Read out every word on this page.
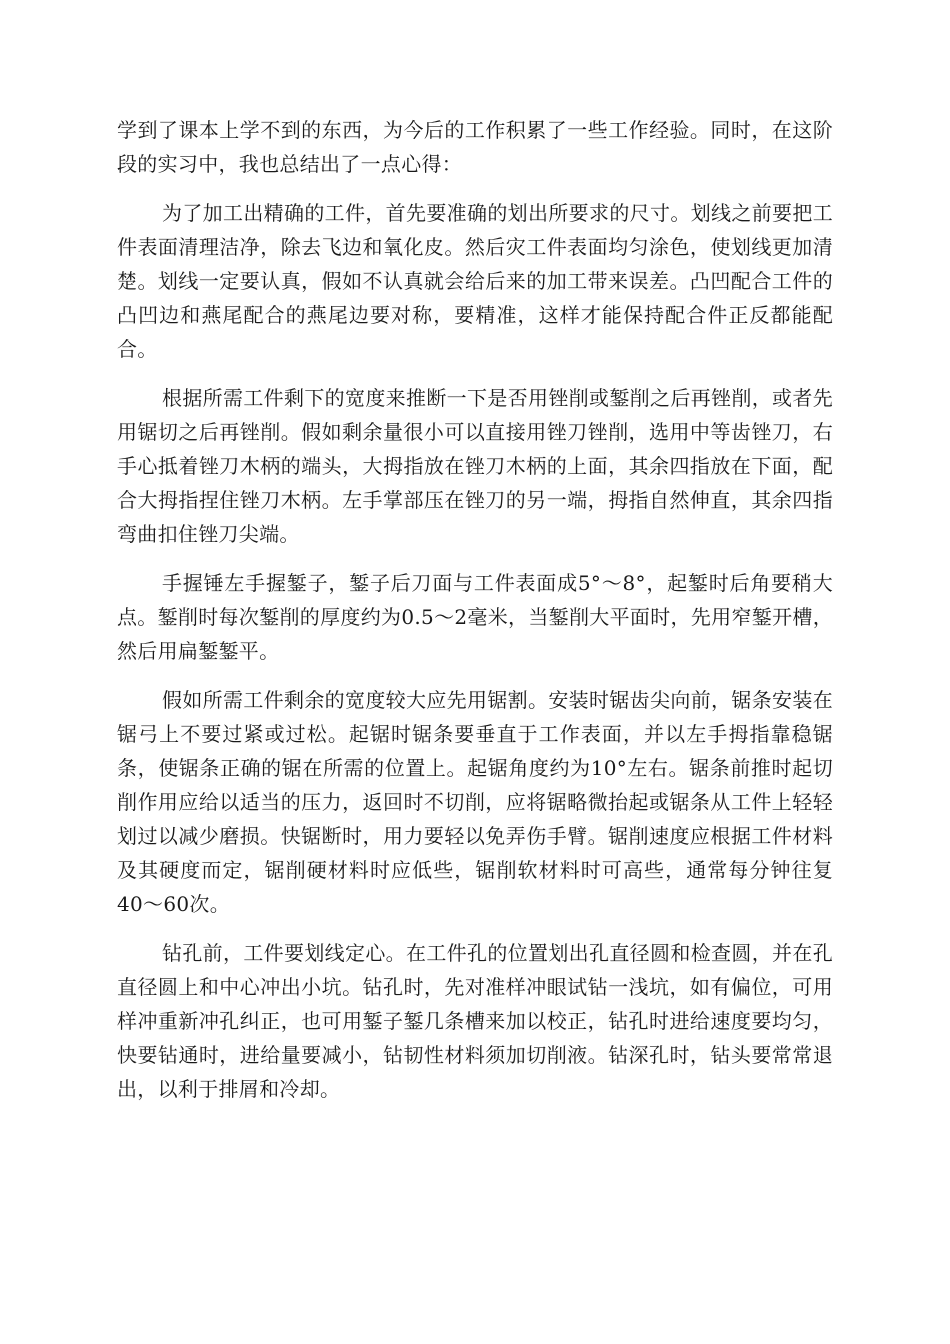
学到了课本上学不到的东西，为今后的工作积累了一些工作经验。同时，在这阶段的实习中，我也总结出了一点心得：

为了加工出精确的工件，首先要准确的划出所要求的尺寸。划线之前要把工件表面清理洁净，除去飞边和氧化皮。然后灾工件表面均匀涂色，使划线更加清楚。划线一定要认真，假如不认真就会给后来的加工带来误差。凸凹配合工件的凸凹边和燕尾配合的燕尾边要对称，要精准，这样才能保持配合件正反都能配合。

根据所需工件剩下的宽度来推断一下是否用锉削或錾削之后再锉削，或者先用锯切之后再锉削。假如剩余量很小可以直接用锉刀锉削，选用中等齿锉刀，右手心抵着锉刀木柄的端头，大拇指放在锉刀木柄的上面，其余四指放在下面，配合大拇指捏住锉刀木柄。左手掌部压在锉刀的另一端，拇指自然伸直，其余四指弯曲扣住锉刀尖端。

手握锤左手握錾子，錾子后刀面与工件表面成5°～8°，起錾时后角要稍大点。錾削时每次錾削的厚度约为0.5～2毫米，当錾削大平面时，先用窄錾开槽，然后用扁錾錾平。

假如所需工件剩余的宽度较大应先用锯割。安装时锯齿尖向前，锯条安装在锯弓上不要过紧或过松。起锯时锯条要垂直于工作表面，并以左手拇指靠稳锯条，使锯条正确的锯在所需的位置上。起锯角度约为10°左右。锯条前推时起切削作用应给以适当的压力，返回时不切削，应将锯略微抬起或锯条从工件上轻轻划过以减少磨损。快锯断时，用力要轻以免弄伤手臂。锯削速度应根据工件材料及其硬度而定，锯削硬材料时应低些，锯削软材料时可高些，通常每分钟往复40～60次。

钻孔前，工件要划线定心。在工件孔的位置划出孔直径圆和检查圆，并在孔直径圆上和中心冲出小坑。钻孔时，先对准样冲眼试钻一浅坑，如有偏位，可用样冲重新冲孔纠正，也可用錾子錾几条槽来加以校正，钻孔时进给速度要均匀，快要钻通时，进给量要减小，钻韧性材料须加切削液。钻深孔时，钻头要常常退出，以利于排屑和冷却。
